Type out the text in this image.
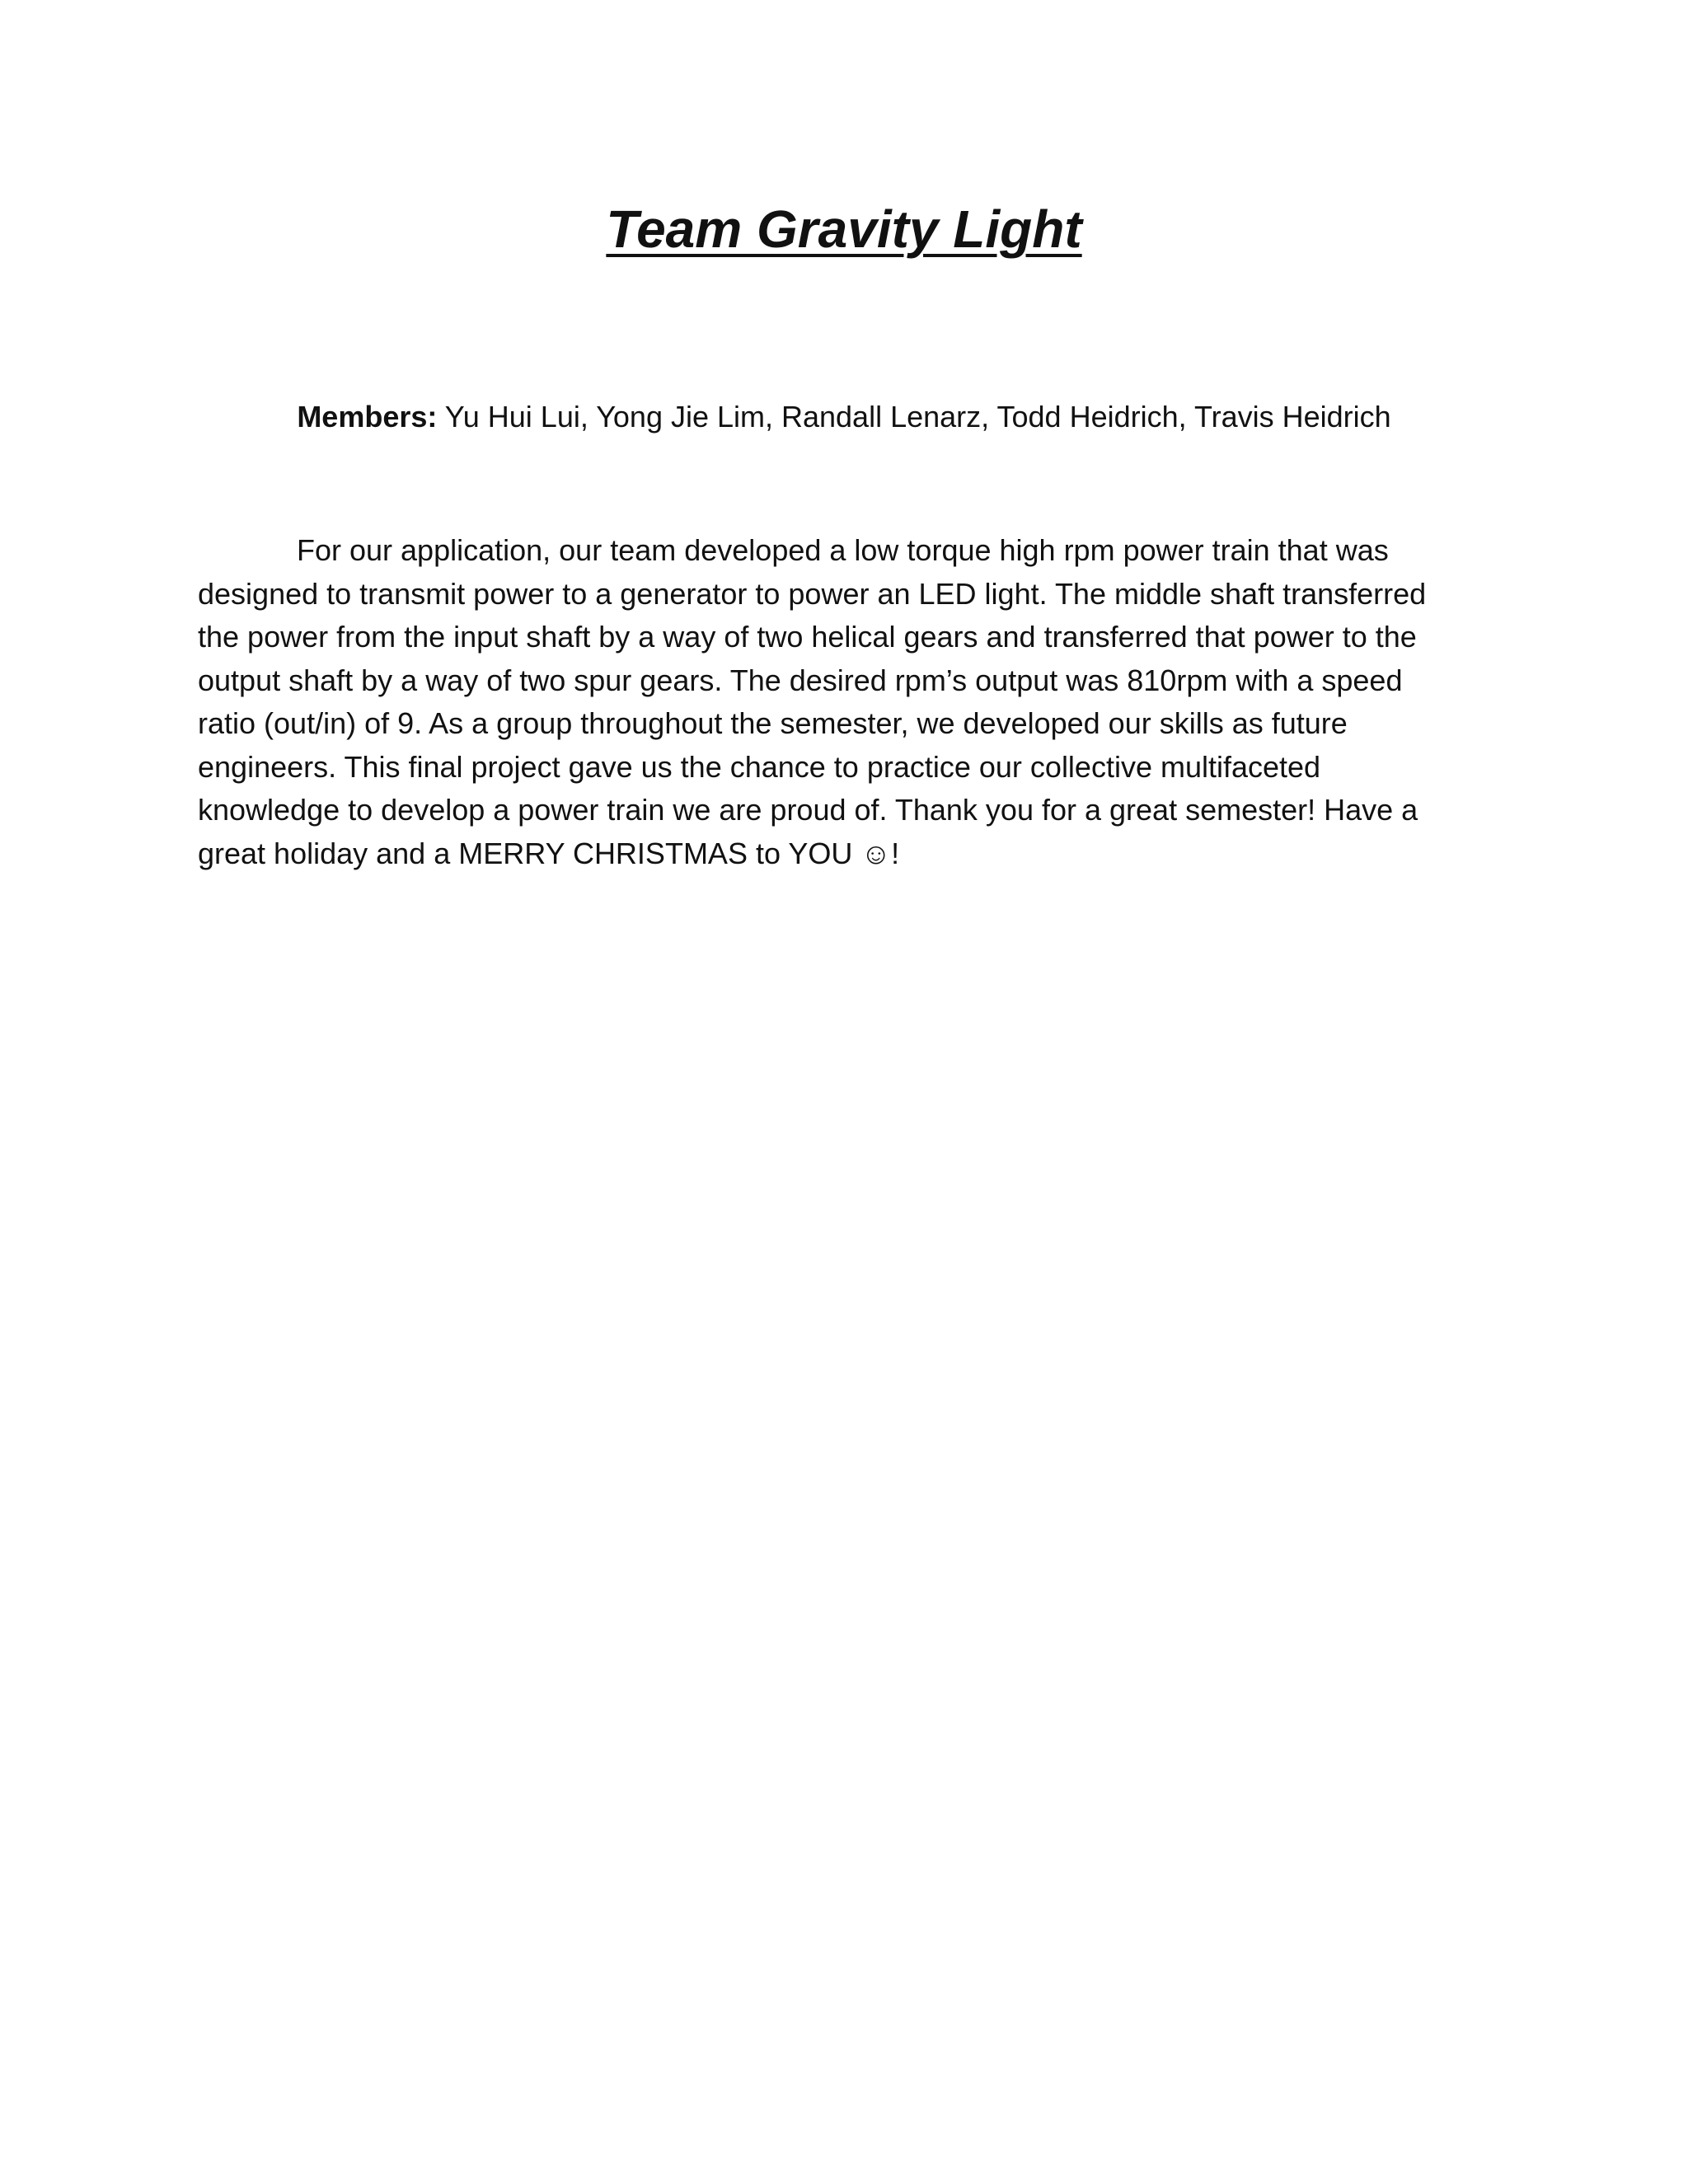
Team Gravity Light

Members: Yu Hui Lui, Yong Jie Lim, Randall Lenarz, Todd Heidrich, Travis Heidrich

For our application, our team developed a low torque high rpm power train that was designed to transmit power to a generator to power an LED light. The middle shaft transferred the power from the input shaft by a way of two helical gears and transferred that power to the output shaft by a way of two spur gears. The desired rpm’s output was 810rpm with a speed ratio (out/in) of 9. As a group throughout the semester, we developed our skills as future engineers. This final project gave us the chance to practice our collective multifaceted knowledge to develop a power train we are proud of. Thank you for a great semester! Have a great holiday and a MERRY CHRISTMAS to YOU ☺!
